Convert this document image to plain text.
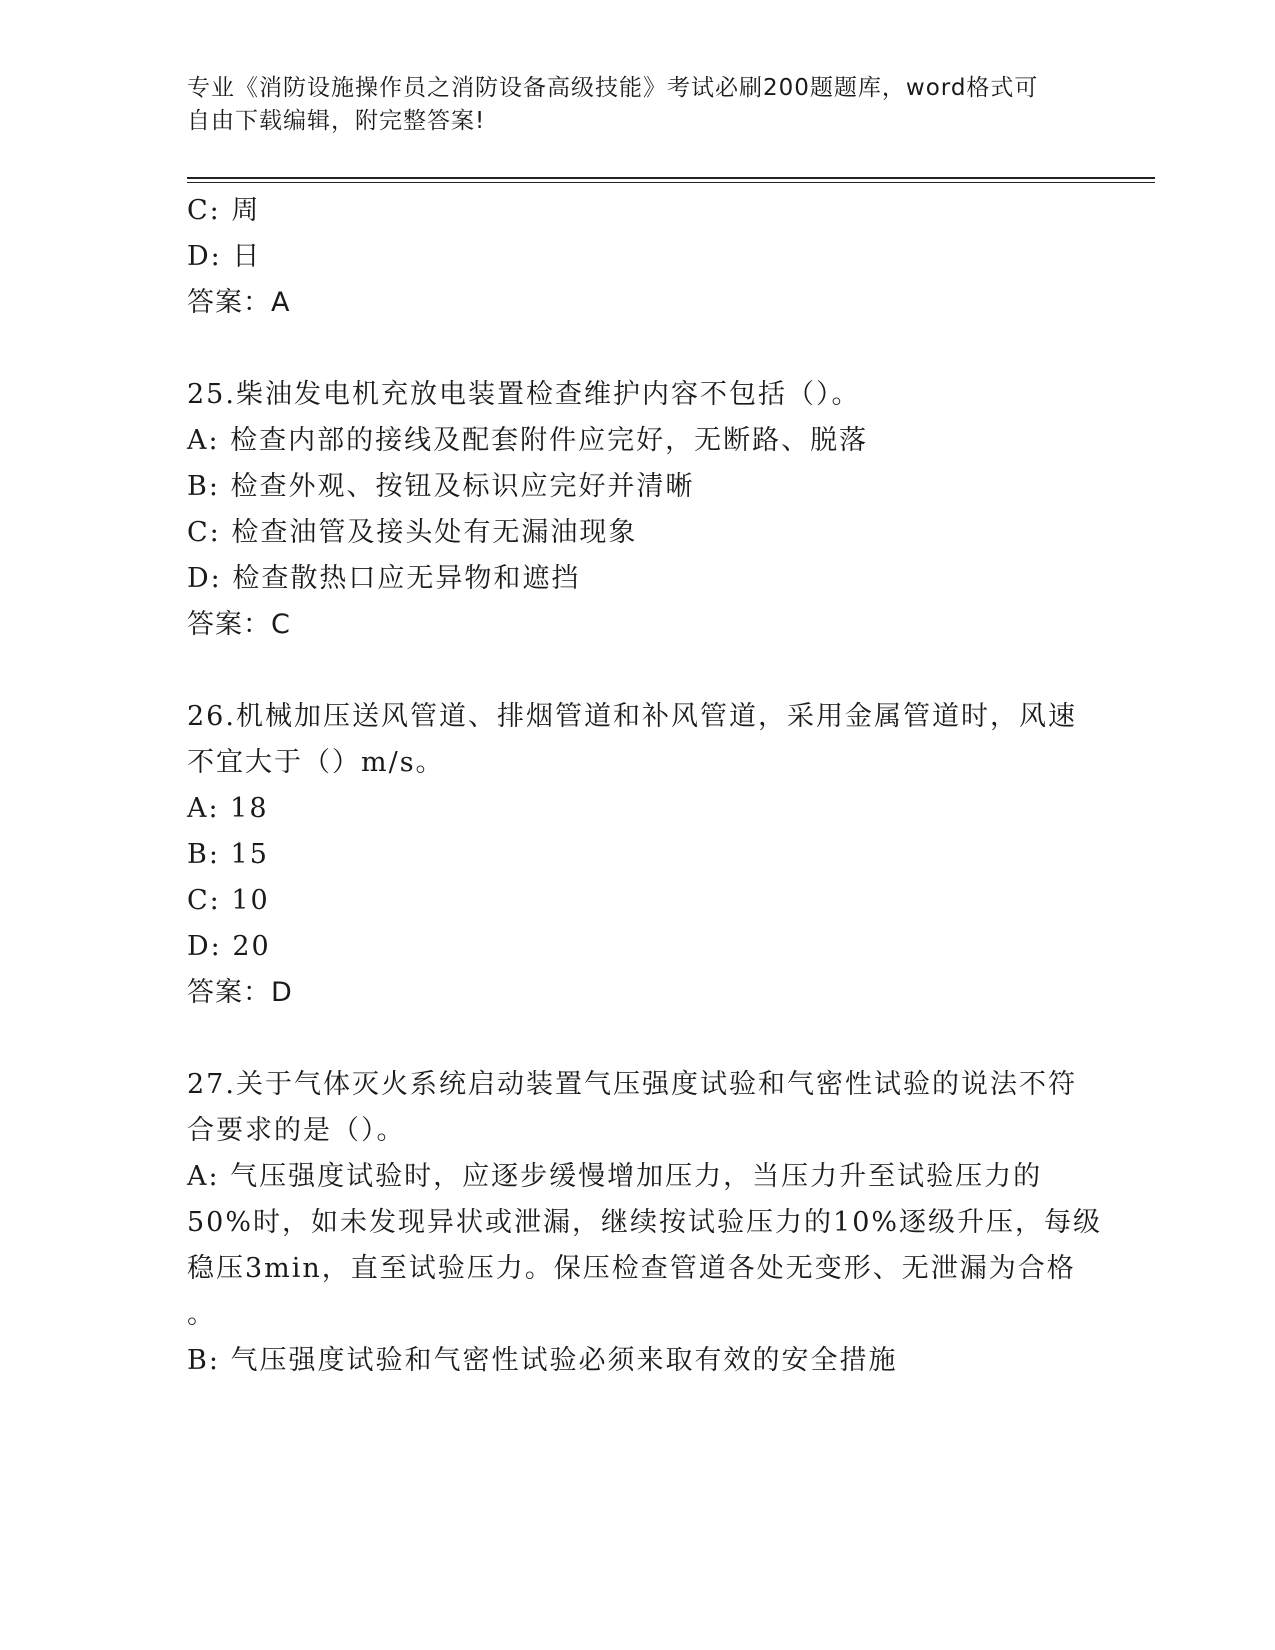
专业《消防设施操作员之消防设备高级技能》考试必刷200题题库，word格式可
自由下载编辑，附完整答案!
C: 周
D: 日
答案：A
25.柴油发电机充放电装置检查维护内容不包括（）。
A: 检查内部的接线及配套附件应完好，无断路、脱落
B: 检查外观、按钮及标识应完好并清晰
C: 检查油管及接头处有无漏油现象
D: 检查散热口应无异物和遮挡
答案：C
26.机械加压送风管道、排烟管道和补风管道，采用金属管道时，风速
不宜大于（）m/s。
A: 18
B: 15
C: 10
D: 20
答案：D
27.关于气体灭火系统启动装置气压强度试验和气密性试验的说法不符
合要求的是（）。
A: 气压强度试验时，应逐步缓慢增加压力，当压力升至试验压力的
50%时，如未发现异状或泄漏，继续按试验压力的10%逐级升压，每级
稳压3min，直至试验压力。保压检查管道各处无变形、无泄漏为合格
。
B: 气压强度试验和气密性试验必须来取有效的安全措施
